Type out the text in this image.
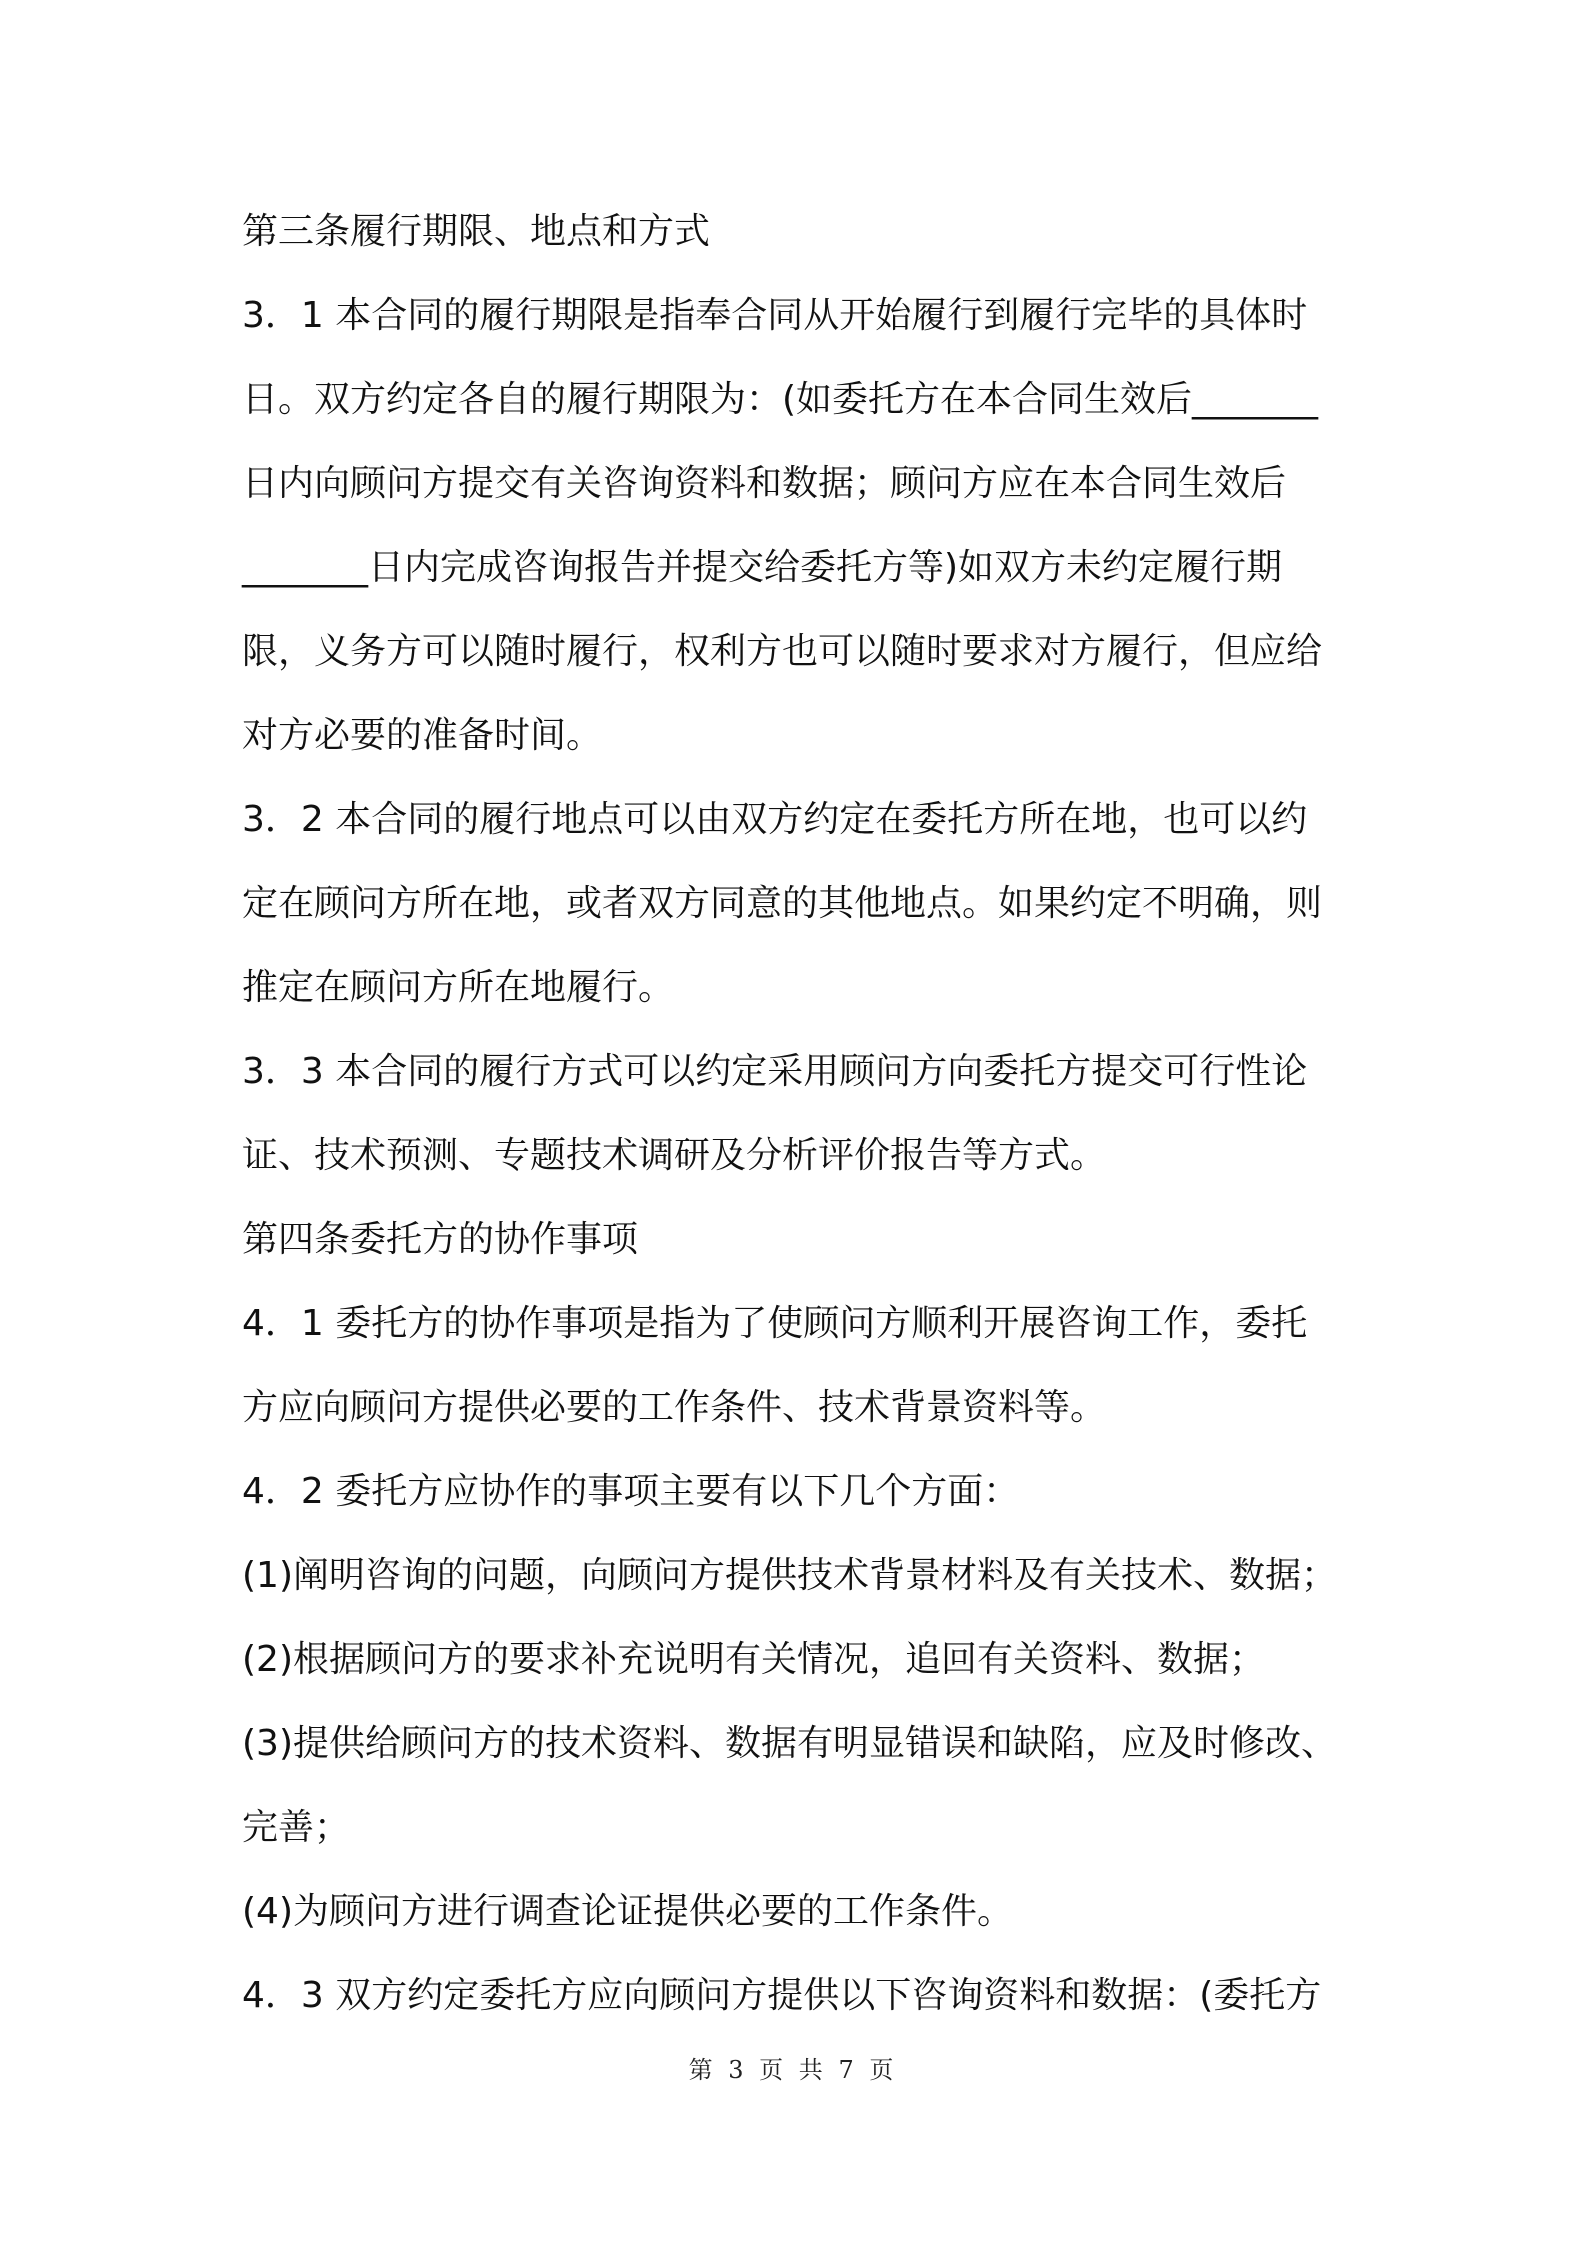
第三条履行期限、地点和方式
3．1 本合同的履行期限是指奉合同从开始履行到履行完毕的具体时
日。双方约定各自的履行期限为：(如委托方在本合同生效后_______
日内向顾问方提交有关咨询资料和数据；顾问方应在本合同生效后
_______日内完成咨询报告并提交给委托方等)如双方未约定履行期
限，义务方可以随时履行，权利方也可以随时要求对方履行，但应给
对方必要的准备时间。
3．2 本合同的履行地点可以由双方约定在委托方所在地，也可以约
定在顾问方所在地，或者双方同意的其他地点。如果约定不明确，则
推定在顾问方所在地履行。
3．3 本合同的履行方式可以约定采用顾问方向委托方提交可行性论
证、技术预测、专题技术调研及分析评价报告等方式。
第四条委托方的协作事项
4．1 委托方的协作事项是指为了使顾问方顺利开展咨询工作，委托
方应向顾问方提供必要的工作条件、技术背景资料等。
4．2 委托方应协作的事项主要有以下几个方面：
(1)阐明咨询的问题，向顾问方提供技术背景材料及有关技术、数据；
(2)根据顾问方的要求补充说明有关情况，追回有关资料、数据；
(3)提供给顾问方的技术资料、数据有明显错误和缺陷，应及时修改、
完善；
(4)为顾问方进行调查论证提供必要的工作条件。
4．3 双方约定委托方应向顾问方提供以下咨询资料和数据：(委托方
第 3 页 共 7 页
